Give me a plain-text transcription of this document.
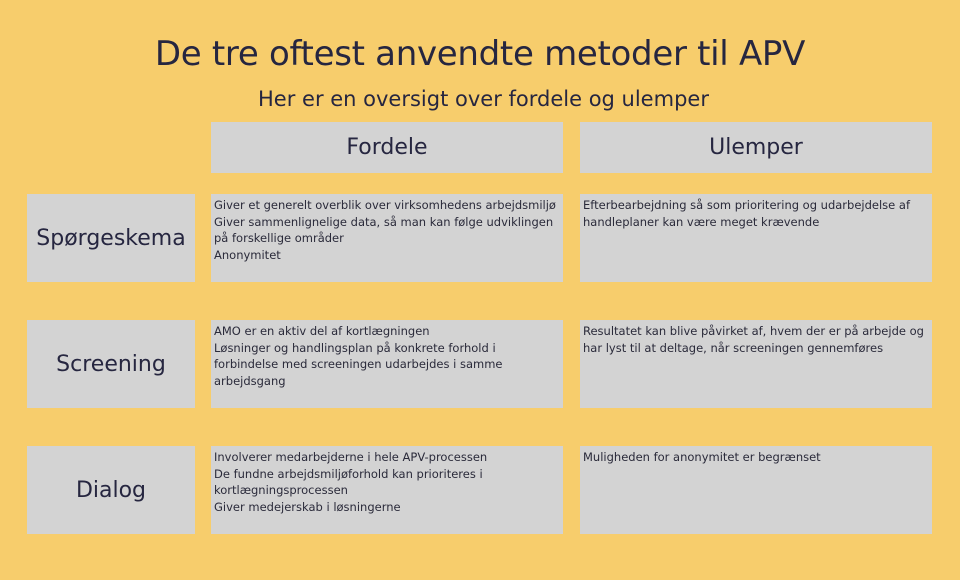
De tre oftest anvendte metoder til APV
Her er en oversigt over fordele og ulemper
Fordele	Ulemper
Spørgeskema
Giver et generelt overblik over virksomhedens arbejdsmiljø
Giver sammenlignelige data, så man kan følge udviklingen på forskellige områder
Anonymitet
Efterbearbejdning så som prioritering og udarbejdelse af handleplaner kan være meget krævende
Screening
AMO er en aktiv del af kortlægningen
Løsninger og handlingsplan på konkrete forhold i forbindelse med screeningen udarbejdes i samme arbejdsgang
Resultatet kan blive påvirket af, hvem der er på arbejde og har lyst til at deltage, når screeningen gennemføres
Dialog
Involverer medarbejderne i hele APV-processen
De fundne arbejdsmiljøforhold kan prioriteres i kortlægningsprocessen
Giver medejerskab i løsningerne
Muligheden for anonymitet er begrænset
